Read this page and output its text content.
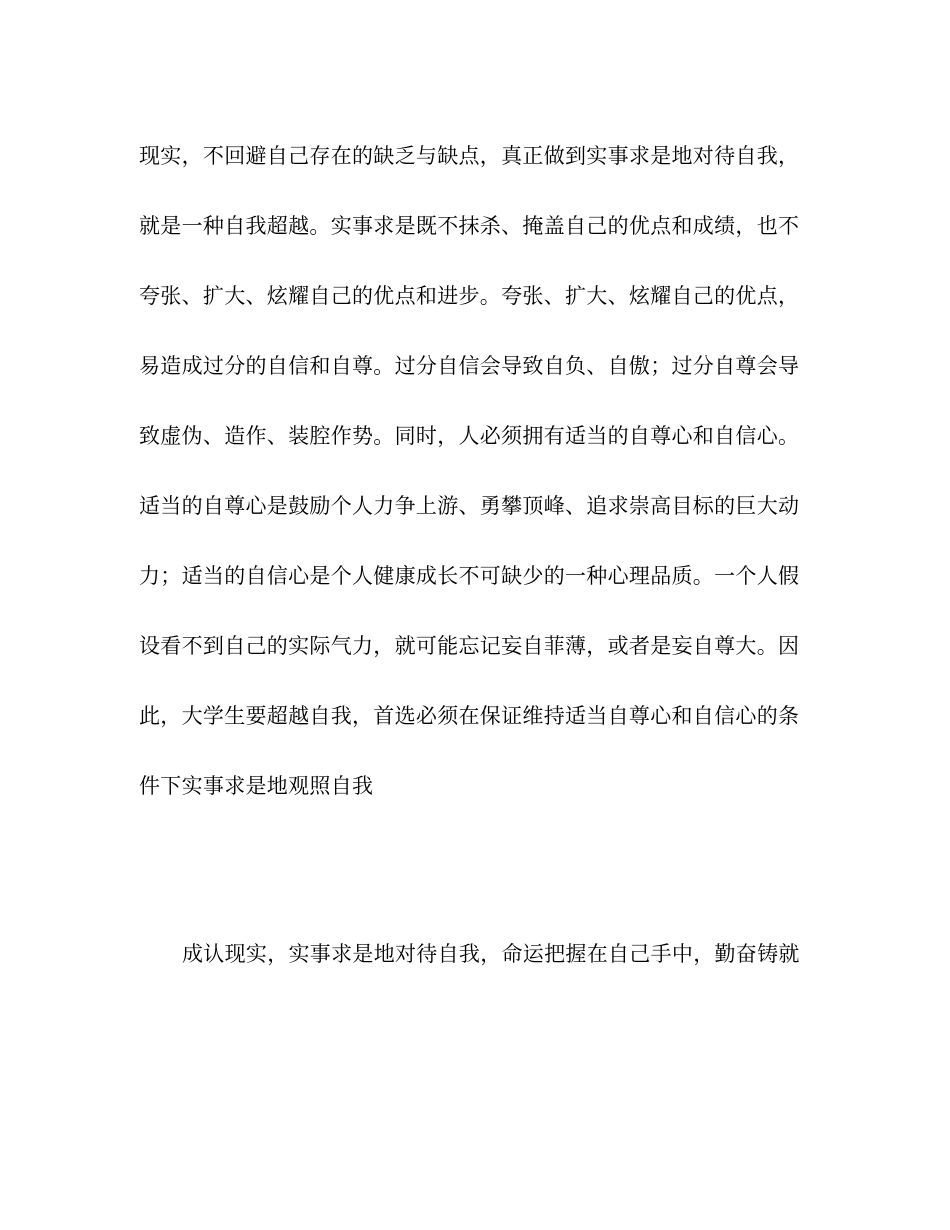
现实，不回避自己存在的缺乏与缺点，真正做到实事求是地对待自我，
就是一种自我超越。实事求是既不抹杀、掩盖自己的优点和成绩，也不
夸张、扩大、炫耀自己的优点和进步。夸张、扩大、炫耀自己的优点，
易造成过分的自信和自尊。过分自信会导致自负、自傲；过分自尊会导
致虚伪、造作、装腔作势。同时，人必须拥有适当的自尊心和自信心。
适当的自尊心是鼓励个人力争上游、勇攀顶峰、追求崇高目标的巨大动
力；适当的自信心是个人健康成长不可缺少的一种心理品质。一个人假
设看不到自己的实际气力，就可能忘记妄自菲薄，或者是妄自尊大。因
此，大学生要超越自我，首选必须在保证维持适当自尊心和自信心的条
件下实事求是地观照自我
成认现实，实事求是地对待自我，命运把握在自己手中，勤奋铸就
